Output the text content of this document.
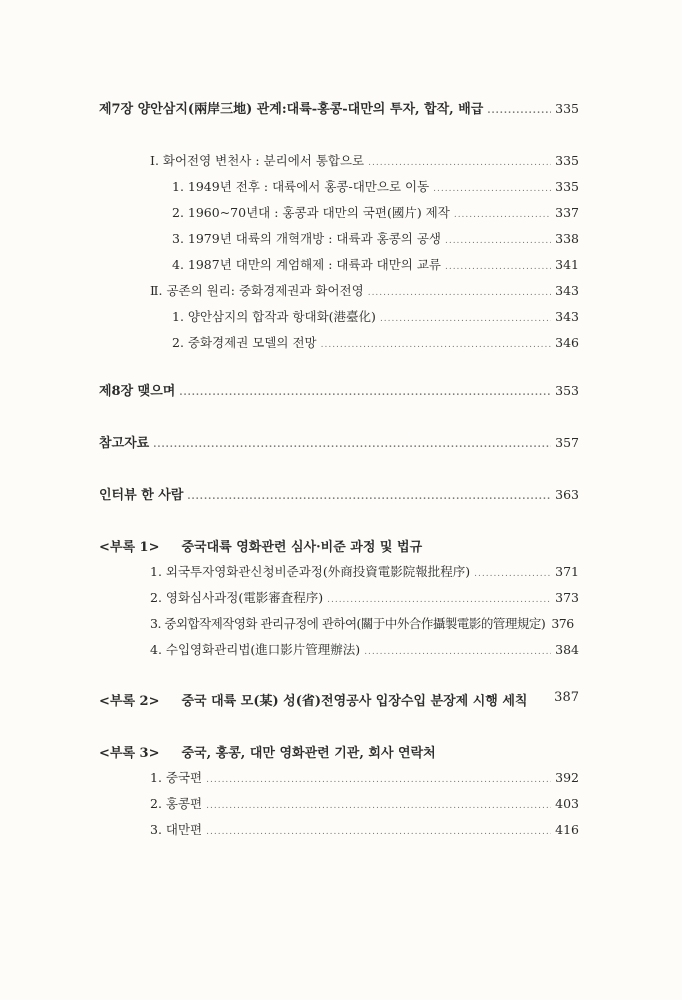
제7장 양안삼지(兩岸三地) 관계:대륙-홍콩-대만의 투자, 합작, 배급 .....	335
Ⅰ. 화어전영 변천사 : 분리에서 통합으로 .....	335
1. 1949년 전후 : 대륙에서 홍콩-대만으로 이동 .....	335
2. 1960~70년대 : 홍콩과 대만의 국편(國片) 제작 .....	337
3. 1979년 대륙의 개혁개방 : 대륙과 홍콩의 공생 .....	338
4. 1987년 대만의 계엄해제 : 대륙과 대만의 교류 .....	341
Ⅱ. 공존의 원리: 중화경제권과 화어전영 .....	343
1. 양안삼지의 합작과 항대화(港臺化) .....	343
2. 중화경제권 모델의 전망 .....	346
제8장 맺으며 .....	353
참고자료 .....	357
인터뷰 한 사람 .....	363
<부록 1> 중국대륙 영화관련 심사·비준 과정 및 법규
1. 외국투자영화관신청비준과정(外商投資電影院報批程序) .....	371
2. 영화심사과정(電影審査程序) .....	373
3. 중외합작제작영화 관리규정에 관하여(關于中外合作攝製電影的管理規定) 376
4. 수입영화관리법(進口影片管理辦法) .....	384
<부록 2> 중국 대륙 모(某) 성(省)전영공사 입장수입 분장제 시행 세칙 387
<부록 3> 중국, 홍콩, 대만 영화관련 기관, 회사 연락처
1. 중국편 .....	392
2. 홍콩편 .....	403
3. 대만편 .....	416
